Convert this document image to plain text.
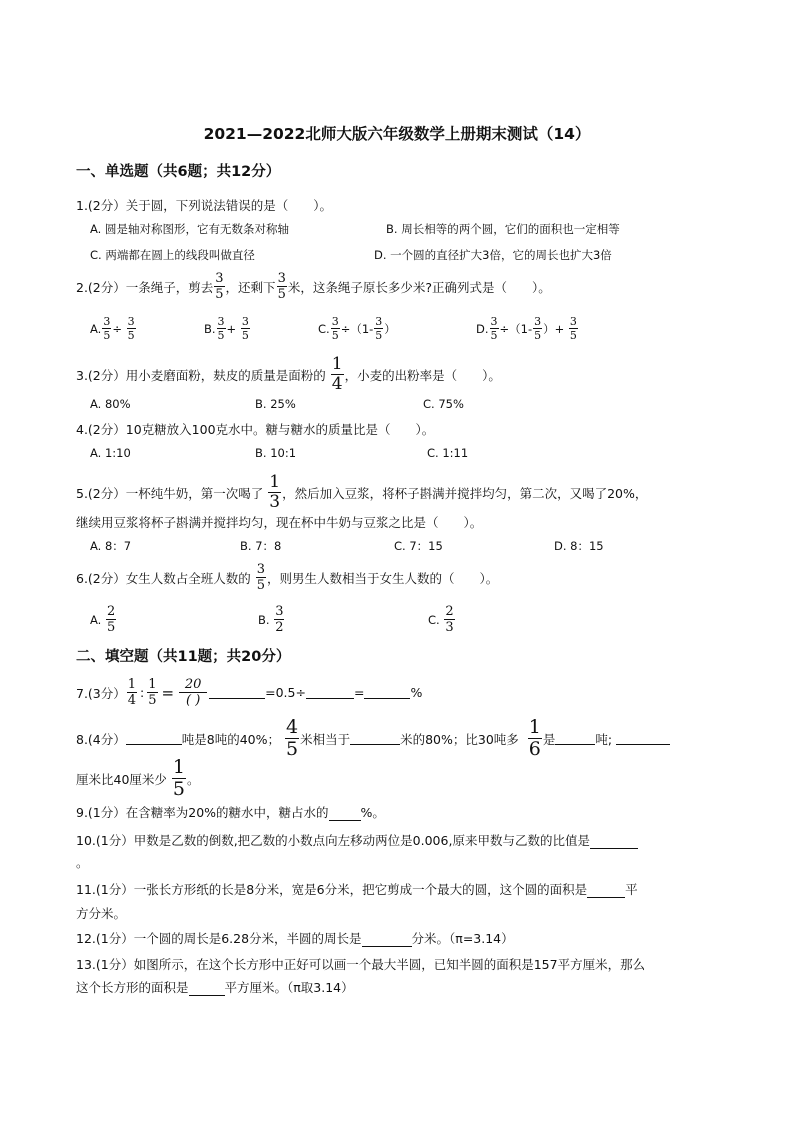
2021—2022北师大版六年级数学上册期末测试（14）
一、单选题（共6题；共12分）
1.(2分）关于圆，下列说法错误的是（　　）。
A. 圆是轴对称图形，它有无数条对称轴	B. 周长相等的两个圆，它们的面积也一定相等
C. 两端都在圆上的线段叫做直径	D. 一个圆的直径扩大3倍，它的周长也扩大3倍
2.(2分）一条绳子，剪去 $\frac{3}{5}$ ，还剩下 $\frac{3}{5}$ 米，这条绳子原长多少米?正确列式是（　　）。
A. $\frac{3}{5}$ ÷
$\frac{3}{5}$	B. $\frac{3}{5}$ +
$\frac{3}{5}$	C. $\frac{3}{5} \div (1- \frac{3}{5}$ ）	D. $\frac{3}{5} \div (1- \frac{3}{5}$ ）+
$\frac{3}{5}$
3.(2分）用小麦磨面粉，麸皮的质量是面粉的
$\frac{1}{4}$ ，小麦的出粉率是（　　）。
A. 80%	B. 25%	C. 75%
4.(2分）10克糖放入100克水中。糖与糖水的质量比是（　　）。
A. 1:10	B. 10:1	C. 1:11
5.(2分）一杯纯牛奶，第一次喝了
$\frac{1}{3}$ ，然后加入豆浆，将杯子斟满并搅拌均匀，第二次，又喝了20%，
继续用豆浆将杯子斟满并搅拌均匀，现在杯中牛奶与豆浆之比是（　　）。
A. 8：7	B. 7：8	C. 7：15	D. 8：15
6.(2分）女生人数占全班人数的
$\frac{3}{5}$ ，则男生人数相当于女生人数的（　　）。
A.
$\frac{2}{5}$	B.
$\frac{3}{2}$	C.
$\frac{2}{3}$
二、填空题（共11题；共20分）
7.(3分） $\frac{1}{4}$ : $\frac{1}{5} = \frac{20}{( )}$	=0.5÷	=	%
8.(4分）	吨是8吨的40%；
$\frac{4}{5}$ 米相当于	米的80%；比30吨多
$\frac{1}{6}$ 是	吨;
厘米比40厘米少
$\frac{1}{5}$ 。
9.(1分）在含糖率为20%的糖水中，糖占水的	%。
10.(1分）甲数是乙数的倒数,把乙数的小数点向左移动两位是0.006,原来甲数与乙数的比值是
。
11.(1分）一张长方形纸的长是8分米，宽是6分米，把它剪成一个最大的圆，这个圆的面积是	平
方分米。
12.(1分）一个圆的周长是6.28分米，半圆的周长是	分米。（π=3.14）
13.(1分）如图所示，在这个长方形中正好可以画一个最大半圆，已知半圆的面积是157平方厘米，那么
这个长方形的面积是	平方厘米。（π取3.14）
